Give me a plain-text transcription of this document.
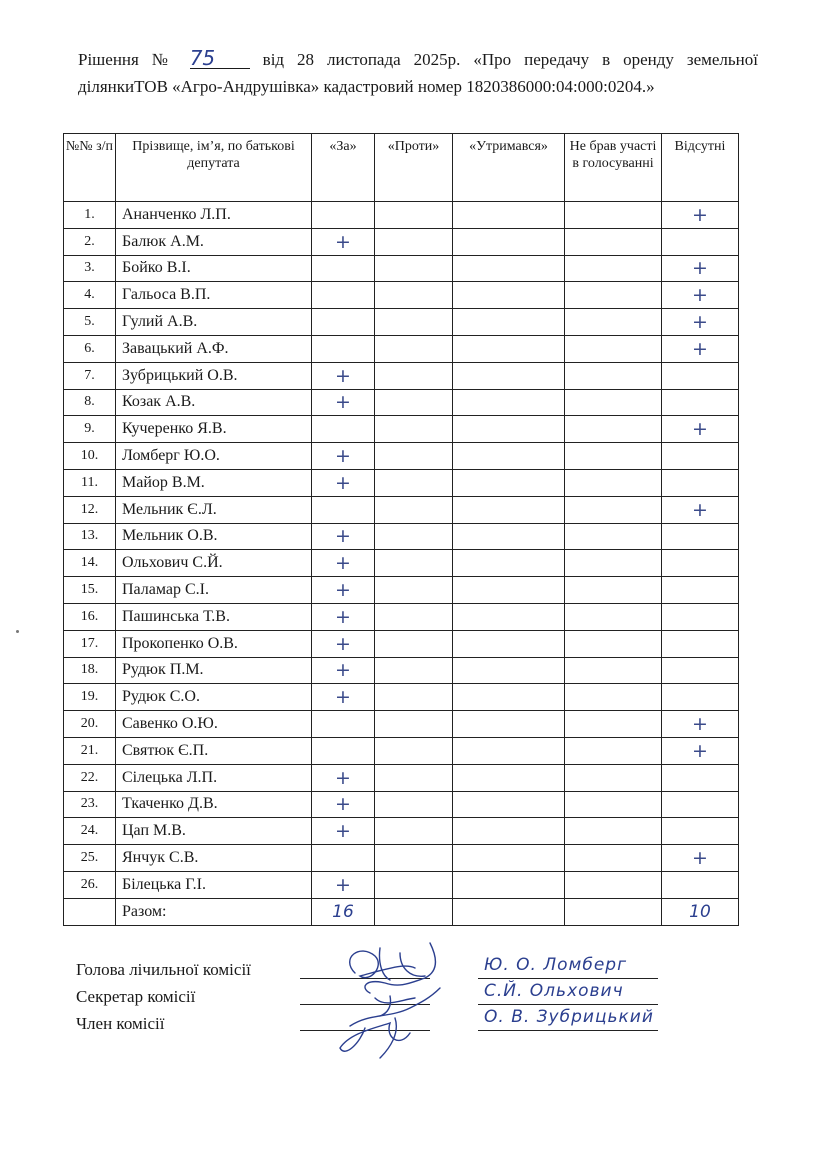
Рішення № 75	від 28 листопада 2025р. «Про передачу в оренду земельної
ділянкиТОВ «Агро-Андрушівка» кадастровий номер 1820386000:04:000:0204.»
№№ з/п	Прізвище, ім’я, по батькові депутата	«За»	«Проти»	«Утримався»	Не брав участі в голосуванні	Відсутні
1.	Ананченко Л.П.					+
2.	Балюк А.М.	+				
3.	Бойко В.І.					+
4.	Гальоса В.П.					+
5.	Гулий А.В.					+
6.	Завацький А.Ф.					+
7.	Зубрицький О.В.	+				
8.	Козак А.В.	+				
9.	Кучеренко Я.В.					+
10.	Ломберг Ю.О.	+				
11.	Майор В.М.	+				
12.	Мельник Є.Л.					+
13.	Мельник О.В.	+				
14.	Ольхович С.Й.	+				
15.	Паламар С.І.	+				
16.	Пашинська Т.В.	+				
17.	Прокопенко О.В.	+				
18.	Рудюк П.М.	+				
19.	Рудюк С.О.	+				
20.	Савенко О.Ю.					+
21.	Святюк Є.П.					+
22.	Сілецька Л.П.	+				
23.	Ткаченко Д.В.	+				
24.	Цап М.В.	+				
25.	Янчук С.В.					+
26.	Білецька Г.І.	+				
	Разом:	16				10
Голова лічильної комісії
Секретар комісії
Член комісії
Ю. О. Ломберг
С.Й. Ольхович
О. В. Зубрицький
